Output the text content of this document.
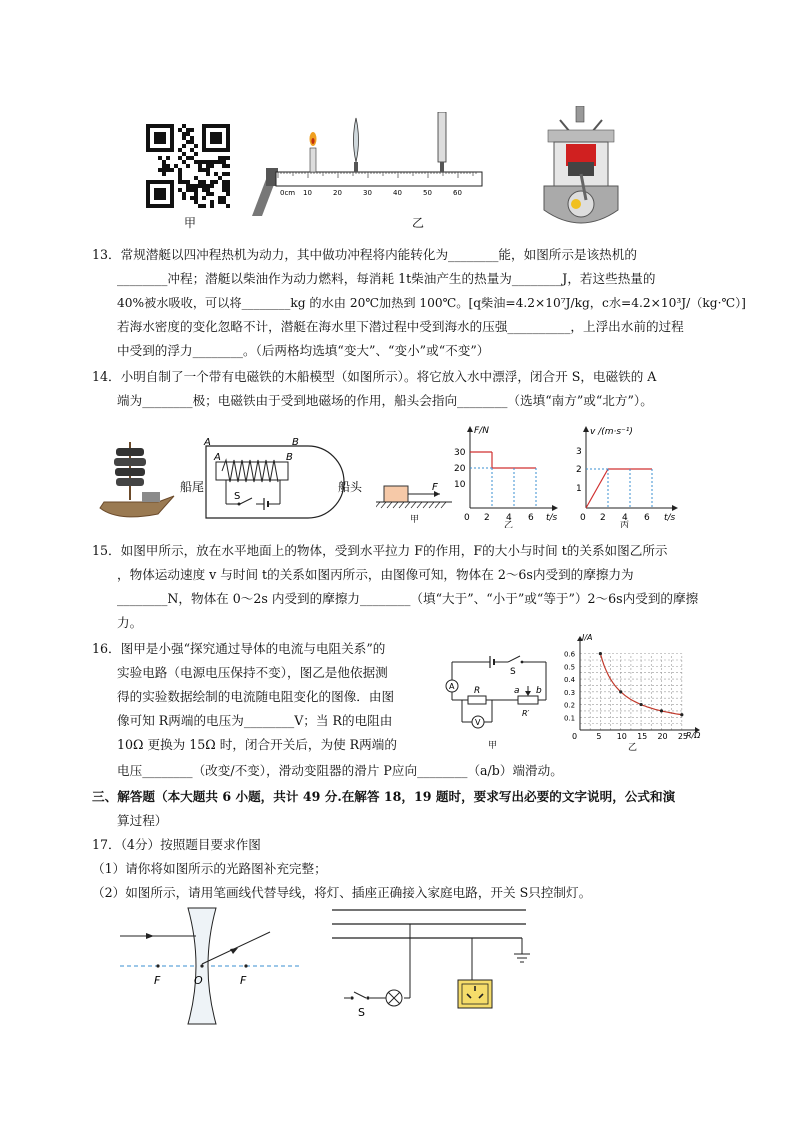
甲
0cm 10	20	30	40	50	60
乙
13．常规潜艇以四冲程热机为动力，其中做功冲程将内能转化为________能，如图所示是该热机的
________冲程；潜艇以柴油作为动力燃料，每消耗 1t柴油产生的热量为________J，若这些热量的
40%被水吸收，可以将________kg 的水由 20℃加热到 100℃。[q柴油=4.2×10⁷J/kg，c水=4.2×10³J/（kg·℃）]
若海水密度的变化忽略不计，潜艇在海水里下潜过程中受到海水的压强__________，上浮出水前的过程
中受到的浮力________。（后两格均选填“变大”、“变小”或“不变”）
14．小明自制了一个带有电磁铁的木船模型（如图所示）。将它放入水中漂浮，闭合开 S，电磁铁的 A
端为________极；电磁铁由于受到地磁场的作用，船头会指向________（选填“南方”或“北方”）。
A	B
A	B
S
船尾	船头	F
甲
F/N
t/s
0 2 4 6
10
20
30
乙
v /(m·s⁻¹)
t/s
0 2 4 6
1
2
3
丙
15．如图甲所示，放在水平地面上的物体，受到水平拉力 F的作用，F的大小与时间 t的关系如图乙所示
，物体运动速度 v 与时间 t的关系如图丙所示，由图像可知，物体在 2～6s内受到的摩擦力为
________N，物体在 0～2s 内受到的摩擦力________（填“大于”、“小于”或“等于”）2～6s内受到的摩擦
力。
16．图甲是小强“探究通过导体的电流与电阻关系”的
实验电路（电源电压保持不变），图乙是他依据测
得的实验数据绘制的电流随电阻变化的图像．由图
像可知 R两端的电压为________V；当 R的电阻由
10Ω 更换为 15Ω 时，闭合开关后，为使 R两端的
电压________（改变/不变），滑动变阻器的滑片 P应向________（a/b）端滑动。
S
A R	a b
R′
V
甲
0 5 10 15 20 25
0.1
0.2
0.3
0.4
0.5
0.6
I/A
R/Ω
乙
三、解答题（本大题共 6 小题，共计 49 分.在解答 18，19 题时，要求写出必要的文字说明，公式和演
算过程）
17．（4分）按照题目要求作图
（1）请你将如图所示的光路图补充完整；
（2）如图所示，请用笔画线代替导线，将灯、插座正确接入家庭电路，开关 S只控制灯。
F	O	F
S
